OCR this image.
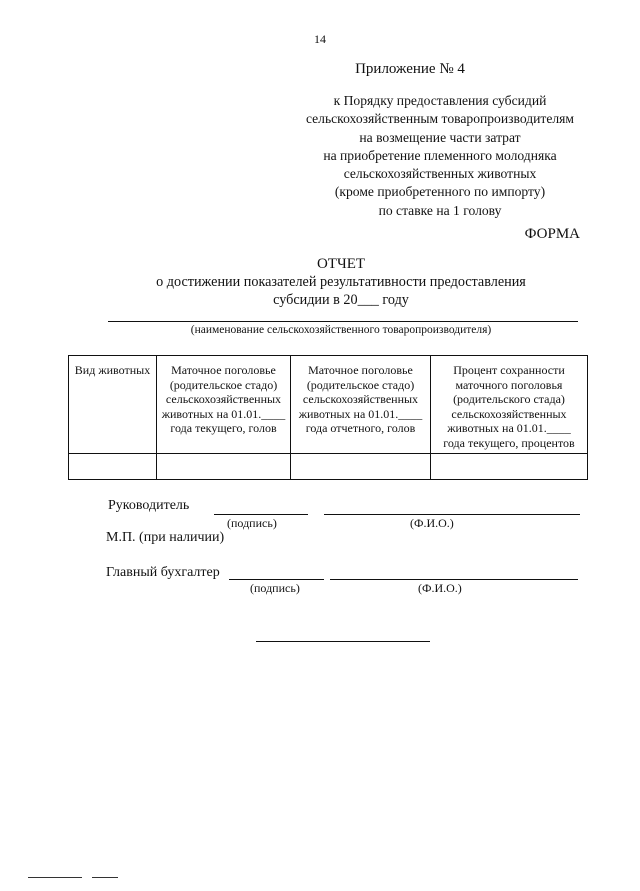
14
Приложение № 4
к Порядку предоставления субсидий
сельскохозяйственным товаропроизводителям
на возмещение части затрат
на приобретение племенного молодняка
сельскохозяйственных животных
(кроме приобретенного по импорту)
по ставке на 1 голову
ФОРМА
ОТЧЕТ
о достижении показателей результативности предоставления
субсидии в 20___ году
(наименование сельскохозяйственного товаропроизводителя)
Вид животных	Маточное поголовье (родительское стадо) сельскохозяйственных животных на 01.01.____ года текущего, голов	Маточное поголовье (родительское стадо) сельскохозяйственных животных на 01.01.____ года отчетного, голов	Процент сохранности маточного поголовья (родительского стада) сельскохозяйственных животных на 01.01.____ года текущего, процентов

Руководитель
(подпись)	(Ф.И.О.)
М.П. (при наличии)
Главный бухгалтер
(подпись)	(Ф.И.О.)
